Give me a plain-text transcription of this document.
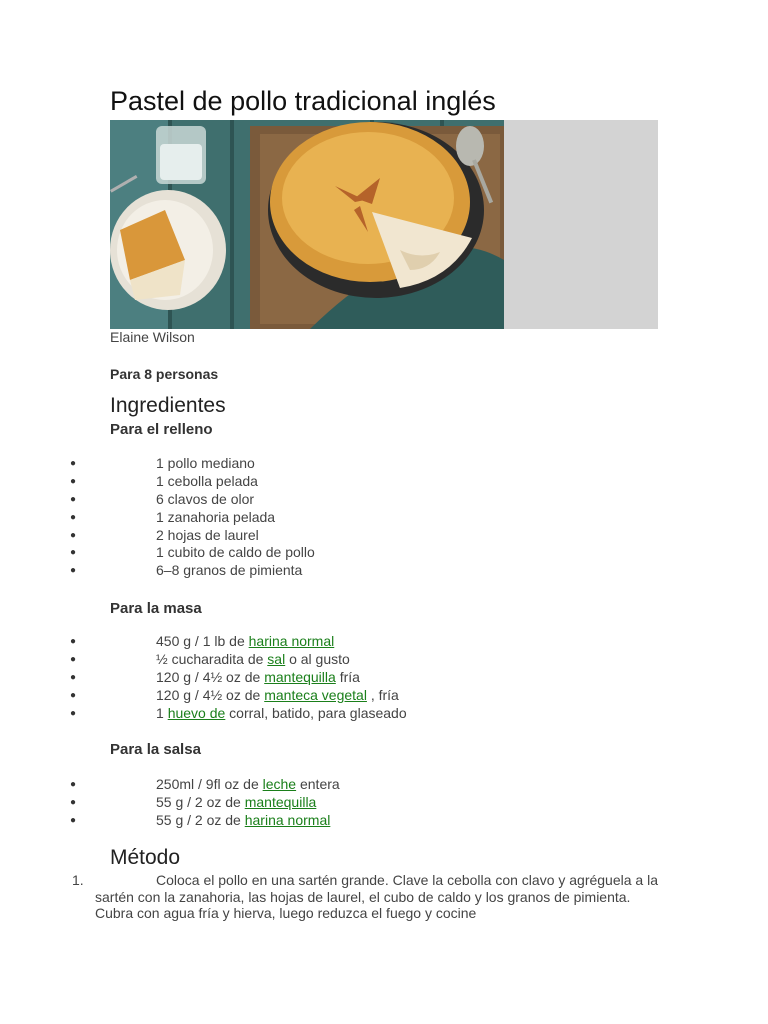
Pastel de pollo tradicional inglés
Elaine Wilson
Para 8 personas
Ingredientes
Para el relleno
●	1 pollo mediano
●	1 cebolla pelada
●	6 clavos de olor
●	1 zanahoria pelada
●	2 hojas de laurel
●	1 cubito de caldo de pollo
●	6–8 granos de pimienta
Para la masa
●	450 g / 1 lb de harina normal
●	½ cucharadita de sal o al gusto
●	120 g / 4½ oz de mantequilla fría
●	120 g / 4½ oz de manteca vegetal , fría
●	1 huevo de corral, batido, para glaseado
Para la salsa
●	250ml / 9fl oz de leche entera
●	55 g / 2 oz de mantequilla
●	55 g / 2 oz de harina normal
Método
1.	Coloca el pollo en una sartén grande. Clave la cebolla con clavo y agréguela a la sartén con la zanahoria, las hojas de laurel, el cubo de caldo y los granos de pimienta. Cubra con agua fría y hierva, luego reduzca el fuego y cocine
